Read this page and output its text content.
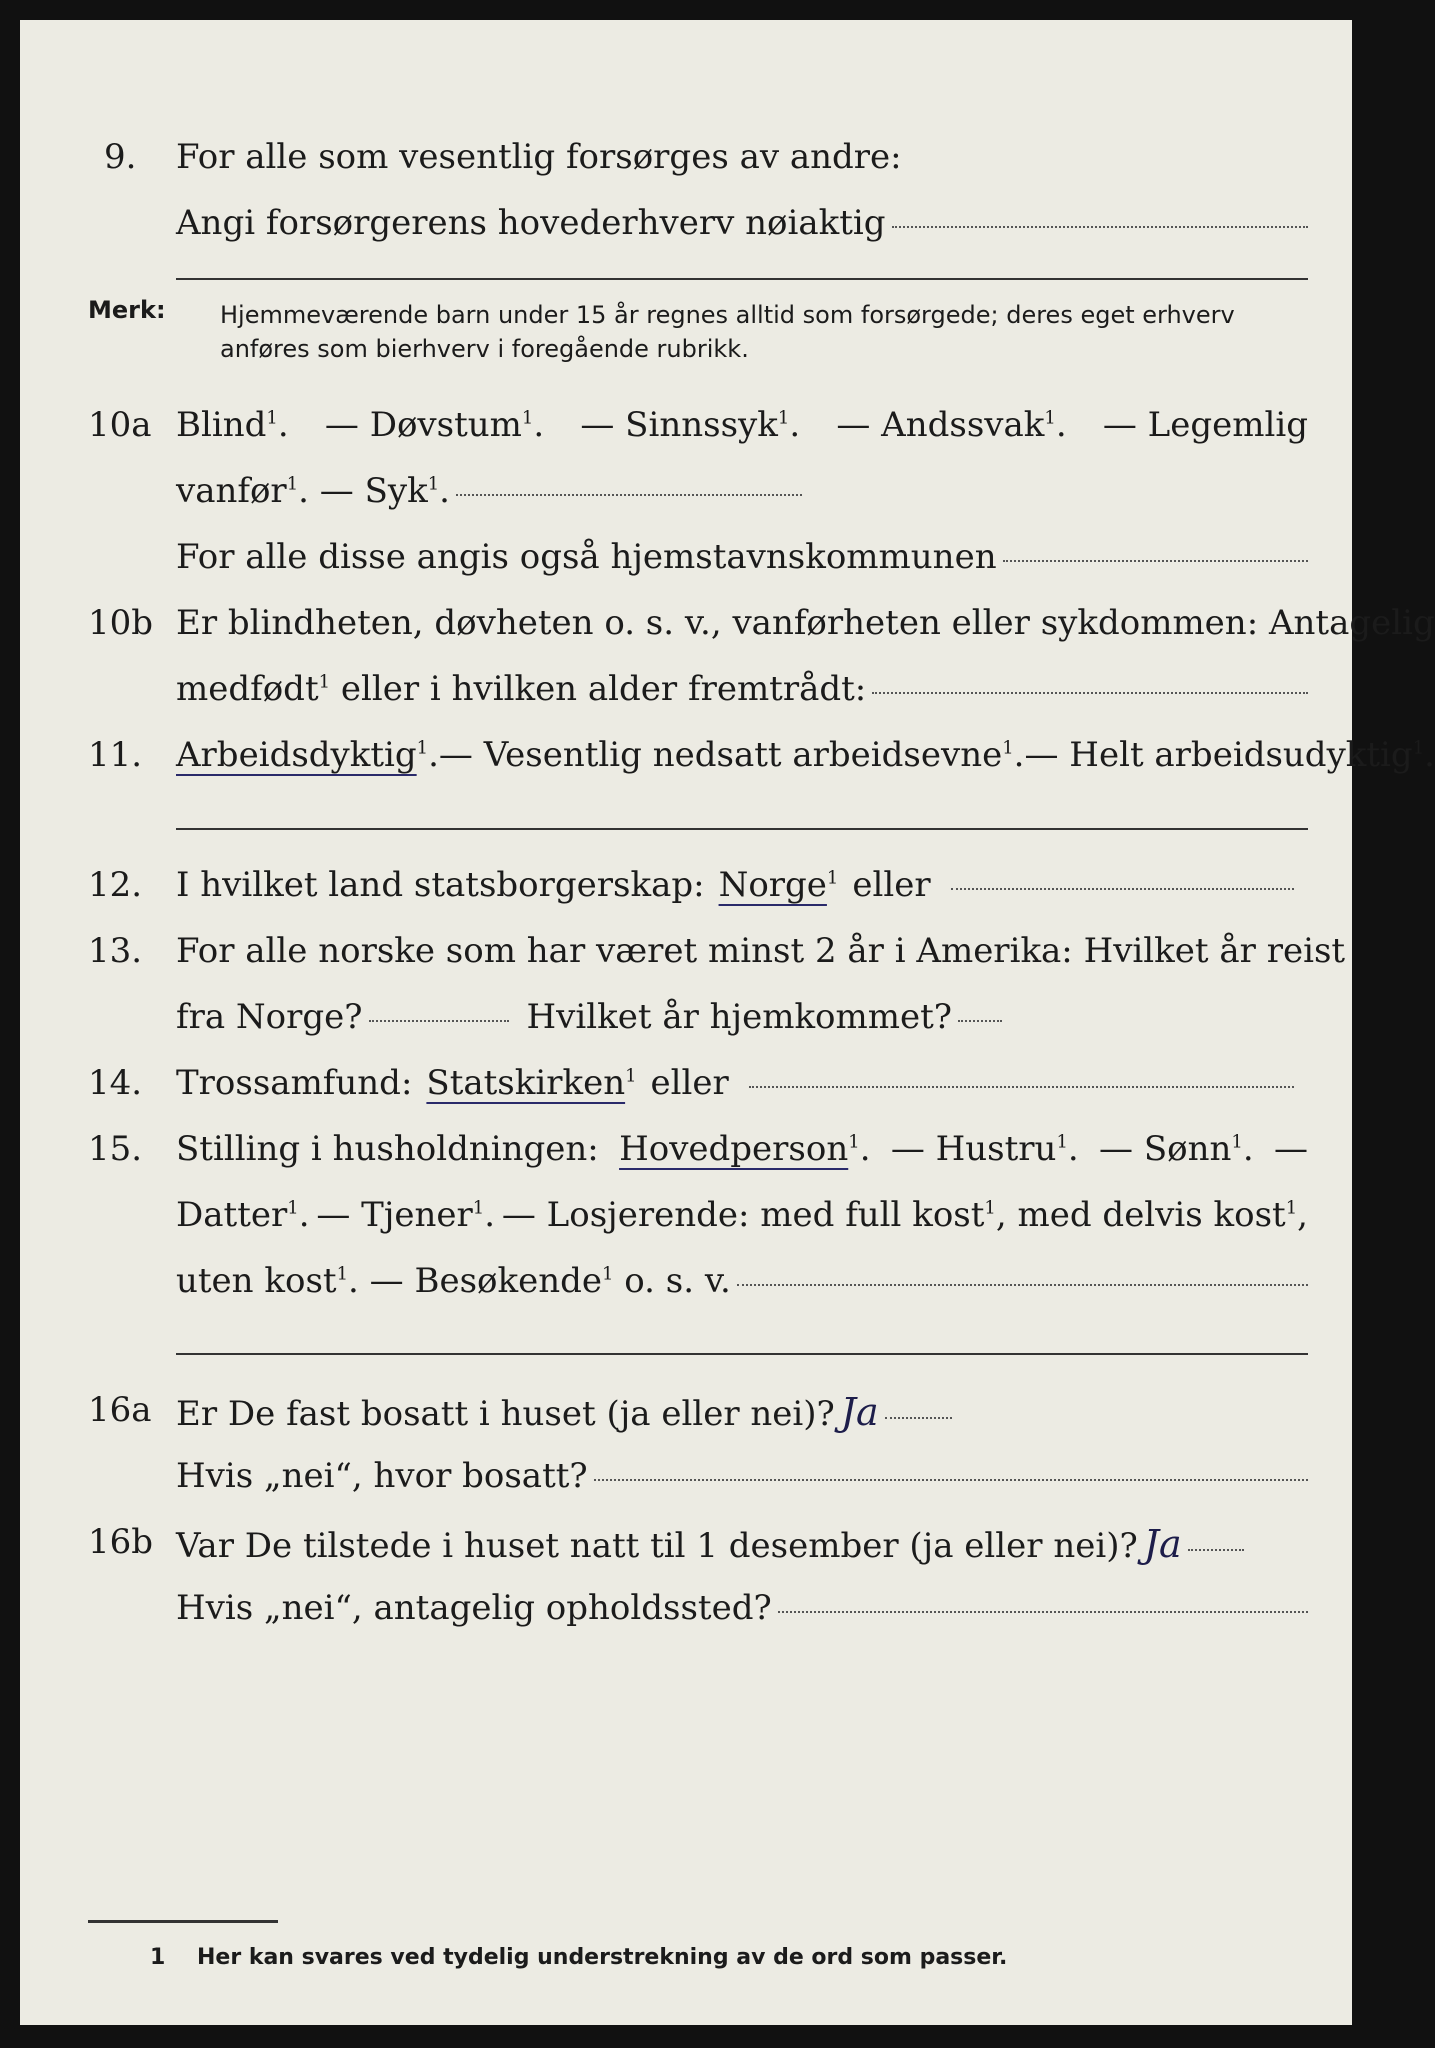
9. For alle som vesentlig forsørges av andre:
Angi forsørgerens hovederhverv nøiaktig
Merk: Hjemmeværende barn under 15 år regnes alltid som forsørgede; deres eget erhverv
anføres som bierhverv i foregående rubrikk.
10a Blind$^1$. — Døvstum$^1$. — Sinnssyk$^1$. — Andssvak$^1$. — Legemlig
vanfør$^1$. — Syk$^1$.
For alle disse angis også hjemstavnskommunen
10b Er blindheten, døvheten o. s. v., vanførheten eller sykdommen: Antagelig
medfødt$^1$ eller i hvilken alder fremtrådt:
11. Arbeidsdyktig$^1$. — Vesentlig nedsatt arbeidsevne$^1$. — Helt arbeidsudyktig$^1$.
12. I hvilket land statsborgerskap: Norge$^1$ eller
13. For alle norske som har været minst 2 år i Amerika: Hvilket år reist
fra Norge?	Hvilket år hjemkommet?
14. Trossamfund: Statskirken$^1$ eller
15. Stilling i husholdningen: Hovedperson$^1$. — Hustru$^1$. — Sønn$^1$. —
Datter$^1$. — Tjener$^1$. — Losjerende: med full kost$^1$, med delvis kost$^1$,
uten kost$^1$. — Besøkende$^1$ o. s. v.
16a Er De fast bosatt i huset (ja eller nei)? Ja
Hvis „nei“, hvor bosatt?
16b Var De tilstede i huset natt til 1 desember (ja eller nei)? Ja
Hvis „nei“, antagelig opholdssted?
1 Her kan svares ved tydelig understrekning av de ord som passer.
